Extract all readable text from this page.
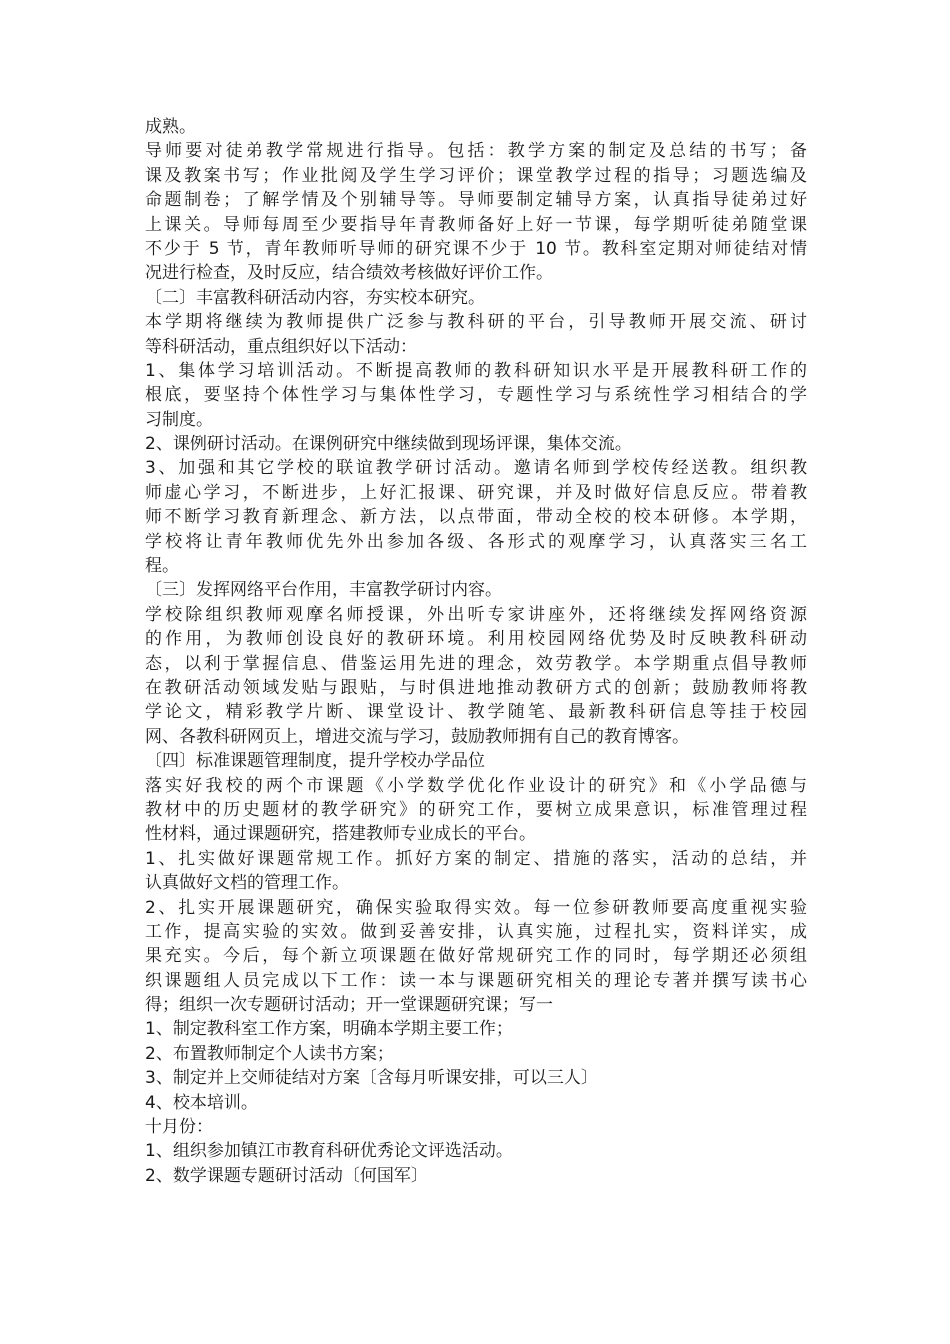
成熟。
导师要对徒弟教学常规进行指导。包括：教学方案的制定及总结的书写；备
课及教案书写；作业批阅及学生学习评价；课堂教学过程的指导；习题选编及
命题制卷；了解学情及个别辅导等。导师要制定辅导方案，认真指导徒弟过好
上课关。导师每周至少要指导年青教师备好上好一节课，每学期听徒弟随堂课
不少于 5 节，青年教师听导师的研究课不少于 10 节。教科室定期对师徒结对情
况进行检查，及时反应，结合绩效考核做好评价工作。
〔二〕丰富教科研活动内容，夯实校本研究。
本学期将继续为教师提供广泛参与教科研的平台，引导教师开展交流、研讨
等科研活动，重点组织好以下活动：
1、集体学习培训活动。不断提高教师的教科研知识水平是开展教科研工作的
根底，要坚持个体性学习与集体性学习，专题性学习与系统性学习相结合的学
习制度。
2、课例研讨活动。在课例研究中继续做到现场评课，集体交流。
3、加强和其它学校的联谊教学研讨活动。邀请名师到学校传经送教。组织教
师虚心学习，不断进步，上好汇报课、研究课，并及时做好信息反应。带着教
师不断学习教育新理念、新方法，以点带面，带动全校的校本研修。本学期，
学校将让青年教师优先外出参加各级、各形式的观摩学习，认真落实三名工
程。
〔三〕发挥网络平台作用，丰富教学研讨内容。
学校除组织教师观摩名师授课，外出听专家讲座外，还将继续发挥网络资源
的作用，为教师创设良好的教研环境。利用校园网络优势及时反映教科研动
态，以利于掌握信息、借鉴运用先进的理念，效劳教学。本学期重点倡导教师
在教研活动领域发贴与跟贴，与时俱进地推动教研方式的创新；鼓励教师将教
学论文，精彩教学片断、课堂设计、教学随笔、最新教科研信息等挂于校园
网、各教科研网页上，增进交流与学习，鼓励教师拥有自己的教育博客。
〔四〕标准课题管理制度，提升学校办学品位
落实好我校的两个市课题《小学数学优化作业设计的研究》和《小学品德与
教材中的历史题材的教学研究》的研究工作，要树立成果意识，标准管理过程
性材料，通过课题研究，搭建教师专业成长的平台。
1、扎实做好课题常规工作。抓好方案的制定、措施的落实，活动的总结，并
认真做好文档的管理工作。
2、扎实开展课题研究，确保实验取得实效。每一位参研教师要高度重视实验
工作，提高实验的实效。做到妥善安排，认真实施，过程扎实，资料详实，成
果充实。今后，每个新立项课题在做好常规研究工作的同时，每学期还必须组
织课题组人员完成以下工作：读一本与课题研究相关的理论专著并撰写读书心
得；组织一次专题研讨活动；开一堂课题研究课；写一
1、制定教科室工作方案，明确本学期主要工作；
2、布置教师制定个人读书方案；
3、制定并上交师徒结对方案〔含每月听课安排，可以三人〕
4、校本培训。
十月份：
1、组织参加镇江市教育科研优秀论文评选活动。
2、数学课题专题研讨活动〔何国军〕
